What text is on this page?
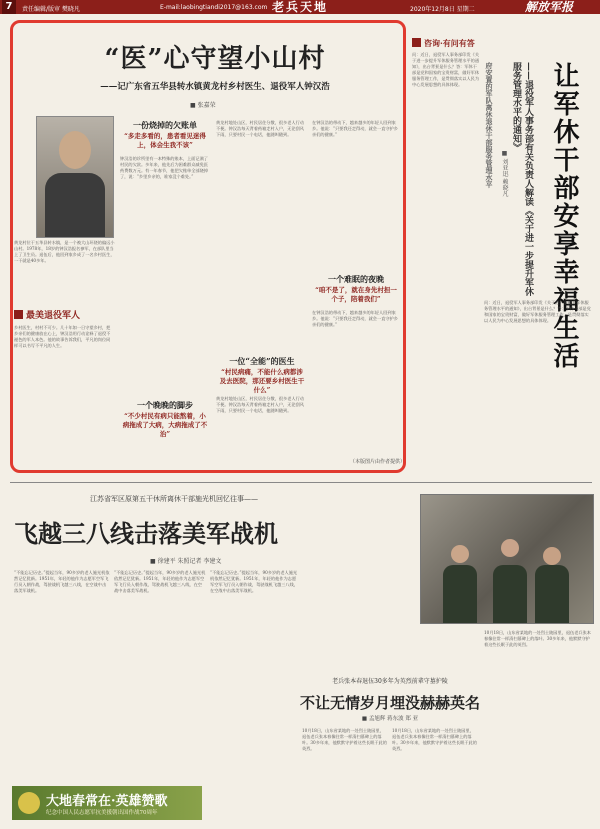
7	责任编辑/版审 樊晓凡	E-mail:laobingtiandi2017@163.com 老兵天地	2020年12月8日 星期二	解放军报
“医”心守望小山村
——记广东省五华县转水镇黄龙村乡村医生、退役军人钟汉浩
■ 张嘉荣
黄龙村位于五华县转水镇，是一个被大山环绕的偏远小山村。1978年，18岁的钟汉浩报名参军，在部队里当上了卫生员。退伍后，他回到家乡成了一名乡村医生，一干就是40多年。
最美退役军人
乡村医生，村村不可少。几十年如一日守望乡村，把乡亲们的健康放在心上，钟汉浩用行动诠释了退役不褪色的军人本色。他的故事告诉我们，平凡的岗位同样可以书写不平凡的人生。
一份烧掉的欠账单
“多走多看的，患者看见迷得上，体会生我不该”
钟汉浩的诊所里有一本特殊的账本，上面记满了村民的欠款。多年来，他先后为困难群众减免医药费数万元。有一年春节，他把欠账单全部烧掉了，说：“乡里乡亲的，谁家没个难处。”
一个晚晚的脚步
“不少村民有病只能熬着，小病拖成了大病，大病拖成了不治”
黄龙村地处山区，村民居住分散，很多老人行动不便。钟汉浩每天背着药箱走村入户，无论刮风下雨，只要村民一个电话，他随叫随到。
一位“全能”的医生
“村民病痛，不能什么病都涉及去医院，那还要乡村医生干什么”
黄龙村地处山区，村民居住分散，很多老人行动不便。钟汉浩每天背着药箱走村入户，无论刮风下雨，只要村民一个电话，他随叫随到。
在钟汉浩的带动下，越来越多的年轻人回到家乡。他说：“只要我还走得动，就会一直守护乡亲们的健康。”
一个难眠的夜晚
“咱不是了，就在身先村担一个子，陪着我们”
在钟汉浩的带动下，越来越多的年轻人回到家乡。他说：“只要我还走得动，就会一直守护乡亲们的健康。”
（本版图片由作者提供）
咨询·有问有答
问：近日，退役军人事务部印发《关于进一步提升军休服务管理水平的通知》，出台背景是什么？答：军休干部是党和国家的宝贵财富，做好军休服务管理工作，是贯彻落实以人民为中心发展思想的具体体现。	府安置的军队离休退休干部服务管理水平 ■ 刘亚迅 赖晓凡	——退役军人事务部有关负责人解读《关于进一步提升军休服务管理水平的通知》	让军休干部安享幸福生活
问：近日，退役军人事务部印发《关于进一步提升军休服务管理水平的通知》，出台背景是什么？答：军休干部是党和国家的宝贵财富，做好军休服务管理工作，是贯彻落实以人民为中心发展思想的具体体现。
江苏省军区原第五干休所离休干部施光机回忆往事——
飞越三八线击落美军战机
■ 徐建平 朱照记者 李建文
“不能忘记历史。”提起当年，90多岁的老人施光机依然记忆犹新。1951年，年轻的他作为志愿军空军飞行员入朝作战，驾驶战机飞越三八线，在空战中击落美军战机。
“不能忘记历史。”提起当年，90多岁的老人施光机依然记忆犹新。1951年，年轻的他作为志愿军空军飞行员入朝作战，驾驶战机飞越三八线，在空战中击落美军战机。
“不能忘记历史。”提起当年，90多岁的老人施光机依然记忆犹新。1951年，年轻的他作为志愿军空军飞行员入朝作战，驾驶战机飞越三八线，在空战中击落美军战机。
老兵张本春退伍30多年为英烈前辈守墓护陵
不让无情岁月埋没赫赫英名
■ 孟旭辉 蒋东波 郑 亚
10月18日，山东省某地的一处烈士陵园里，退伍老兵张本春像往常一样清扫墓碑上的落叶。30多年来，他默默守护着这些长眠于此的英烈。
10月18日，山东省某地的一处烈士陵园里，退伍老兵张本春像往常一样清扫墓碑上的落叶。30多年来，他默默守护着这些长眠于此的英烈。
10月18日，山东省某地的一处烈士陵园里，退伍老兵张本春像往常一样清扫墓碑上的落叶。30多年来，他默默守护着这些长眠于此的英烈。
大地春常在·英雄赞歌
纪念中国人民志愿军抗美援朝出国作战70周年
